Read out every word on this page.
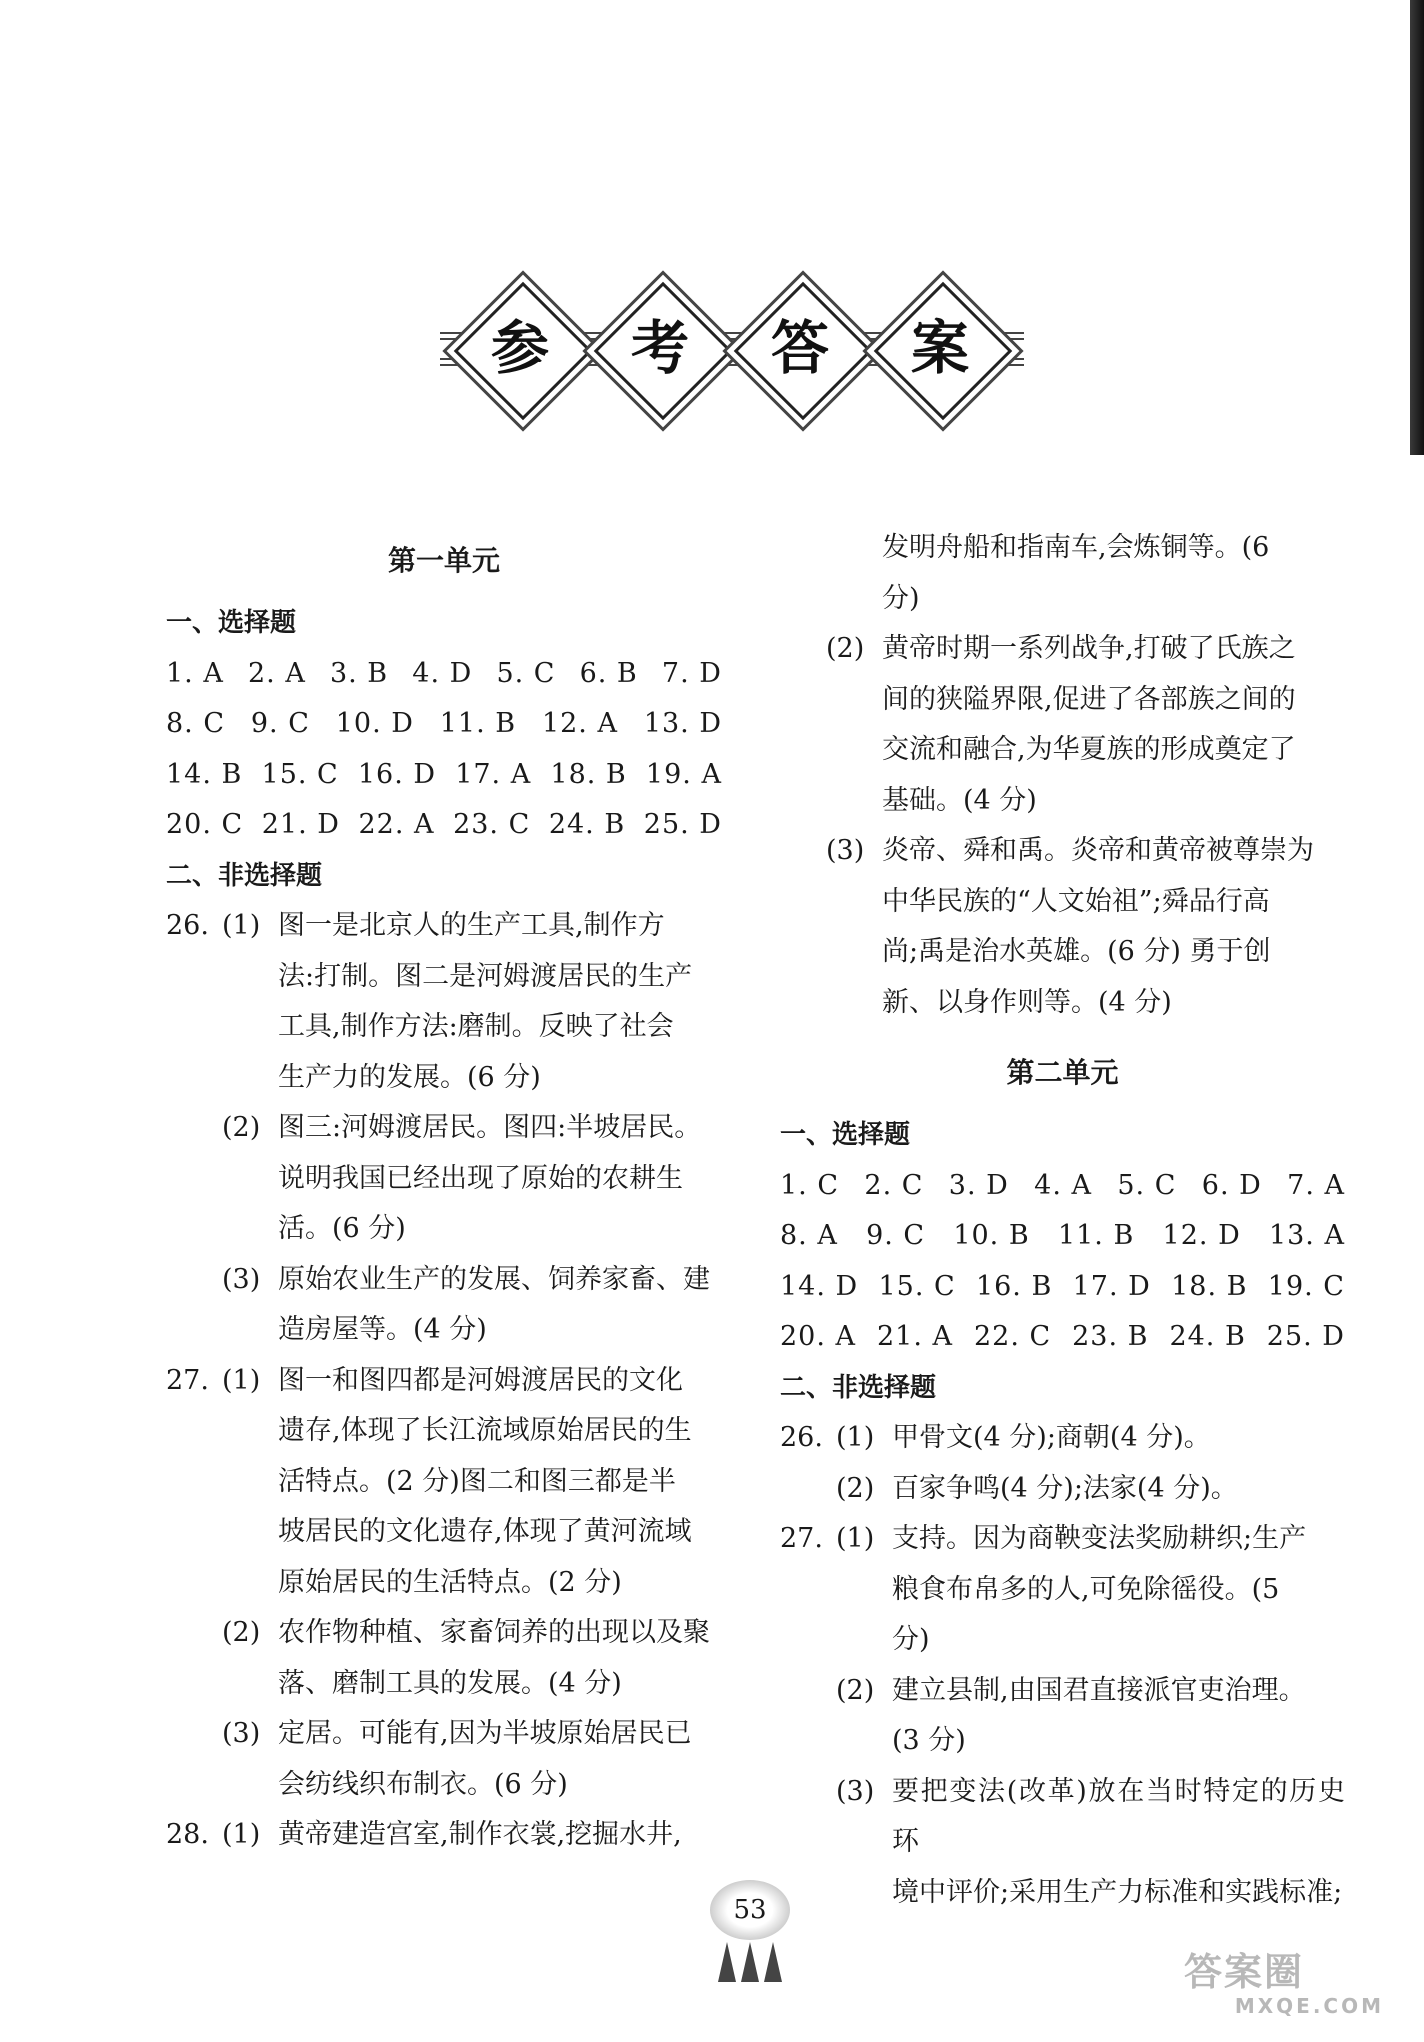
参	考	答	案
第一单元
一、选择题
1. A 2. A 3. B 4. D 5. C 6. B 7. D
8. C 9. C 10. D 11. B 12. A 13. D
14. B 15. C 16. D 17. A 18. B 19. A
20. C 21. D 22. A 23. C 24. B 25. D
二、非选择题
26. (1) 图一是北京人的生产工具,制作方
法:打制。图二是河姆渡居民的生产
工具,制作方法:磨制。反映了社会
生产力的发展。(6 分)
(2) 图三:河姆渡居民。图四:半坡居民。
说明我国已经出现了原始的农耕生
活。(6 分)
(3) 原始农业生产的发展、饲养家畜、建
造房屋等。(4 分)
27. (1) 图一和图四都是河姆渡居民的文化
遗存,体现了长江流域原始居民的生
活特点。(2 分)图二和图三都是半
坡居民的文化遗存,体现了黄河流域
原始居民的生活特点。(2 分)
(2) 农作物种植、家畜饲养的出现以及聚
落、磨制工具的发展。(4 分)
(3) 定居。可能有,因为半坡原始居民已
会纺线织布制衣。(6 分)
28. (1) 黄帝建造宫室,制作衣裳,挖掘水井,
发明舟船和指南车,会炼铜等。(6
分)
(2) 黄帝时期一系列战争,打破了氏族之
间的狭隘界限,促进了各部族之间的
交流和融合,为华夏族的形成奠定了
基础。(4 分)
(3) 炎帝、舜和禹。炎帝和黄帝被尊崇为
中华民族的“人文始祖”;舜品行高
尚;禹是治水英雄。(6 分) 勇于创
新、以身作则等。(4 分)
第二单元
一、选择题
1. C 2. C 3. D 4. A 5. C 6. D 7. A
8. A 9. C 10. B 11. B 12. D 13. A
14. D 15. C 16. B 17. D 18. B 19. C
20. A 21. A 22. C 23. B 24. B 25. D
二、非选择题
26. (1) 甲骨文(4 分);商朝(4 分)。
(2) 百家争鸣(4 分);法家(4 分)。
27. (1) 支持。因为商鞅变法奖励耕织;生产
粮食布帛多的人,可免除徭役。(5
分)
(2) 建立县制,由国君直接派官吏治理。
(3 分)
(3) 要把变法(改革)放在当时特定的历史环
境中评价;采用生产力标准和实践标准;
53
答案圈
MXQE.COM
